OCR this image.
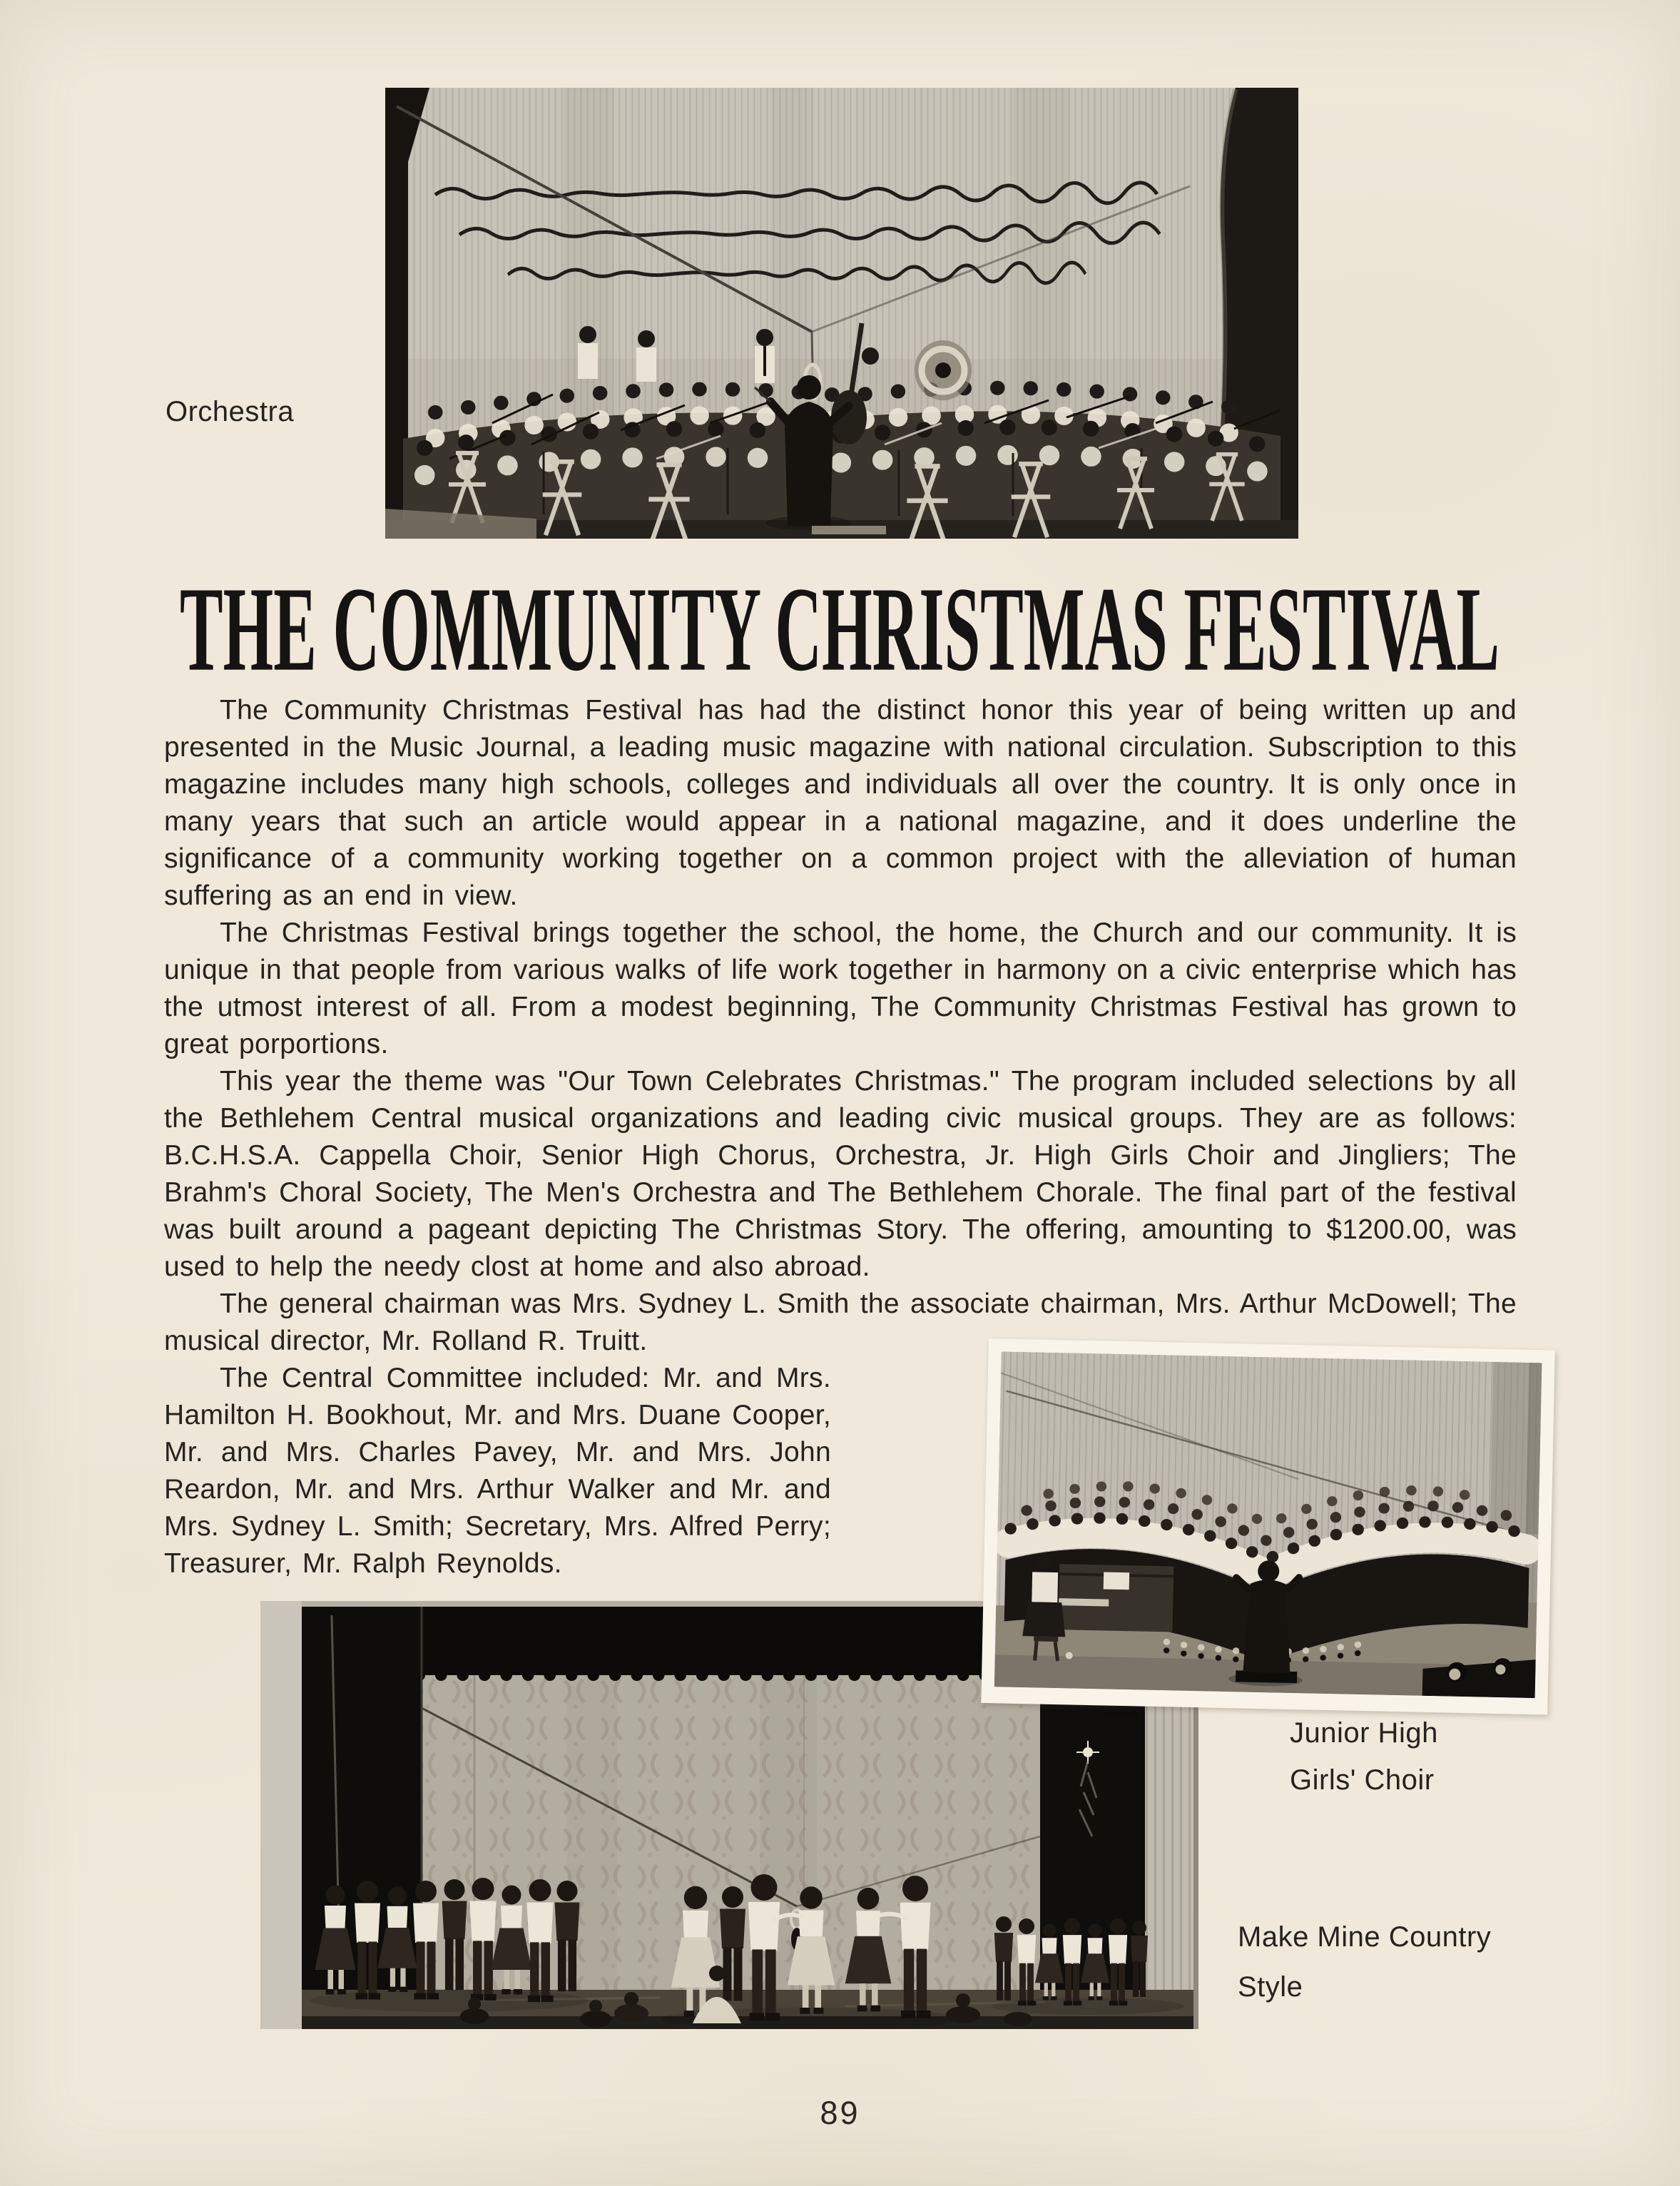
Orchestra
THE COMMUNITY CHRISTMAS FESTIVAL

The Community Christmas Festival has had the distinct honor this year of being written up and presented in the Music Journal, a leading music magazine with national circulation. Subscription to this magazine includes many high schools, colleges and individuals all over the country. It is only once in many years that such an article would appear in a national magazine, and it does underline the significance of a community working together on a common project with the alleviation of human suffering as an end in view.

The Christmas Festival brings together the school, the home, the Church and our community. It is unique in that people from various walks of life work together in harmony on a civic enterprise which has the utmost interest of all. From a modest beginning, The Community Christmas Festival has grown to great porportions.

This year the theme was "Our Town Celebrates Christmas." The program included selections by all the Bethlehem Central musical organizations and leading civic musical groups. They are as follows: B.C.H.S.A. Cappella Choir, Senior High Chorus, Orchestra, Jr. High Girls Choir and Jingliers; The Brahm's Choral Society, The Men's Orchestra and The Bethlehem Chorale. The final part of the festival was built around a pageant depicting The Christmas Story. The offering, amounting to $1200.00, was used to help the needy clost at home and also abroad.

The general chairman was Mrs. Sydney L. Smith the associate chairman, Mrs. Arthur McDowell; The musical director, Mr. Rolland R. Truitt.

The Central Committee included: Mr. and Mrs. Hamilton H. Bookhout, Mr. and Mrs. Duane Cooper, Mr. and Mrs. Charles Pavey, Mr. and Mrs. John Reardon, Mr. and Mrs. Arthur Walker and Mr. and Mrs. Sydney L. Smith; Secretary, Mrs. Alfred Perry; Treasurer, Mr. Ralph Reynolds.

Junior High
Girls' Choir
Make Mine Country
Style
89
